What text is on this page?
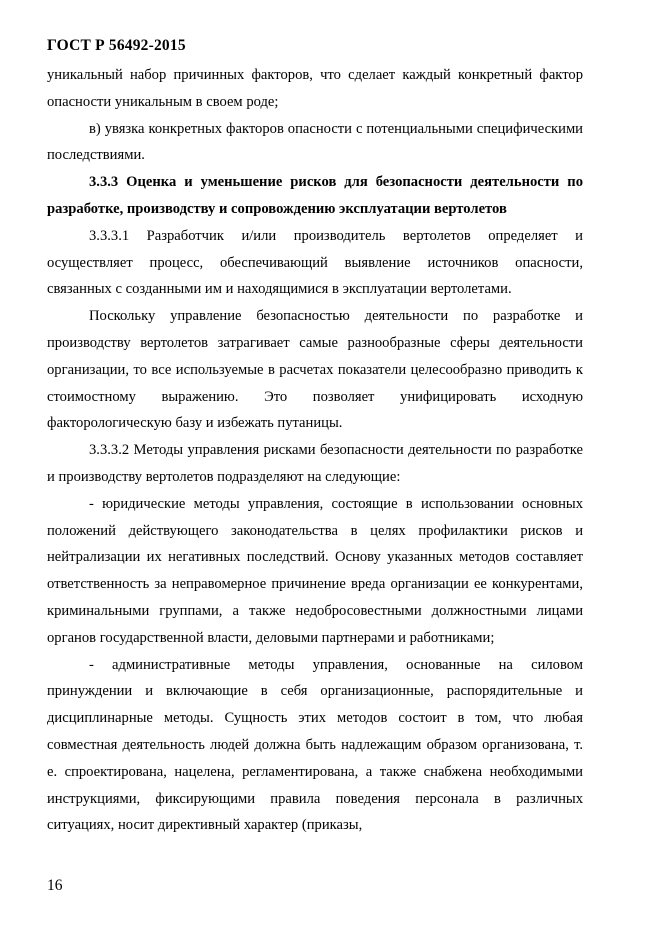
ГОСТ Р 56492-2015

уникальный набор причинных факторов, что сделает каждый конкретный фактор опасности уникальным в своем роде;

в) увязка конкретных факторов опасности с потенциальными специфическими последствиями.

3.3.3 Оценка и уменьшение рисков для безопасности деятельности по разработке, производству и сопровождению эксплуатации вертолетов

3.3.3.1 Разработчик и/или производитель вертолетов определяет и осуществляет процесс, обеспечивающий выявление источников опасности, связанных с созданными им и находящимися в эксплуатации вертолетами.

Поскольку управление безопасностью деятельности по разработке и производству вертолетов затрагивает самые разнообразные сферы деятельности организации, то все используемые в расчетах показатели целесообразно приводить к стоимостному выражению. Это позволяет унифицировать исходную факторологическую базу и избежать путаницы.

3.3.3.2 Методы управления рисками безопасности деятельности по разработке и производству вертолетов подразделяют на следующие:

- юридические методы управления, состоящие в использовании основных положений действующего законодательства в целях профилактики рисков и нейтрализации их негативных последствий. Основу указанных методов составляет ответственность за неправомерное причинение вреда организации ее конкурентами, криминальными группами, а также недобросовестными должностными лицами органов государственной власти, деловыми партнерами и работниками;

- административные методы управления, основанные на силовом принуждении и включающие в себя организационные, распорядительные и дисциплинарные методы. Сущность этих методов состоит в том, что любая совместная деятельность людей должна быть надлежащим образом организована, т. е. спроектирована, нацелена, регламентирована, а также снабжена необходимыми инструкциями, фиксирующими правила поведения персонала в различных ситуациях, носит директивный характер (приказы,

16
